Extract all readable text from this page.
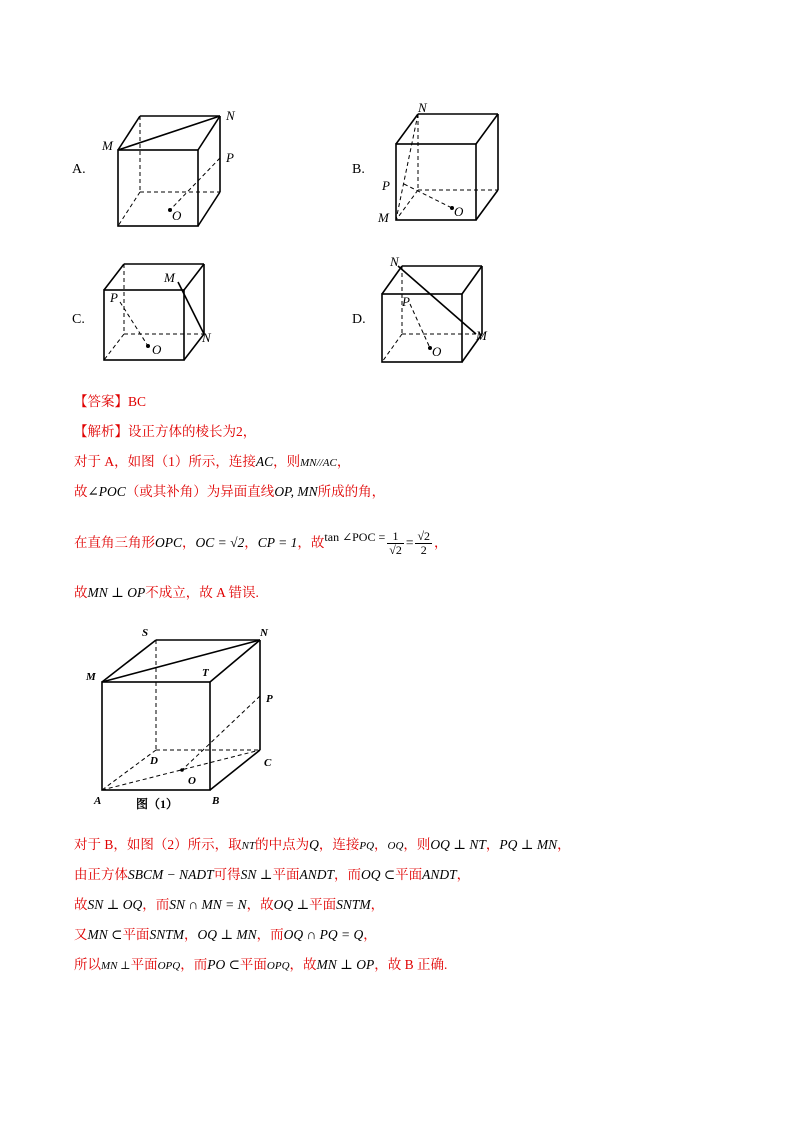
A.
M
N
P
O
B.
N
P
M	O
C.
M
P
N
O
D.
N
P
M
O
【答案】BC
【解析】设正方体的棱长为2，
对于 A，如图（1）所示，连接AC，则MN//AC，
故∠POC（或其补角）为异面直线OP, MN所成的角，
在直角三角形OPC，OC = √2，CP = 1，故tan ∠POC = $\frac{1}{√2} = \frac{√2}{2}$ ，
故MN ⊥ OP不成立，故 A 错误.
S	N
M	T
P
D	C
O
A	B
图（1）
对于 B，如图（2）所示，取NT的中点为Q，连接PQ，OQ，则OQ ⊥ NT，PQ ⊥ MN，
由正方体SBCM − NADT可得SN ⊥平面ANDT，而OQ ⊂平面ANDT，
故SN ⊥ OQ，而SN ∩ MN = N，故OQ ⊥平面SNTM，
又MN ⊂平面SNTM，OQ ⊥ MN，而OQ ∩ PQ = Q，
所以MN ⊥平面OPQ，而PO ⊂平面OPQ，故MN ⊥ OP，故 B 正确.
